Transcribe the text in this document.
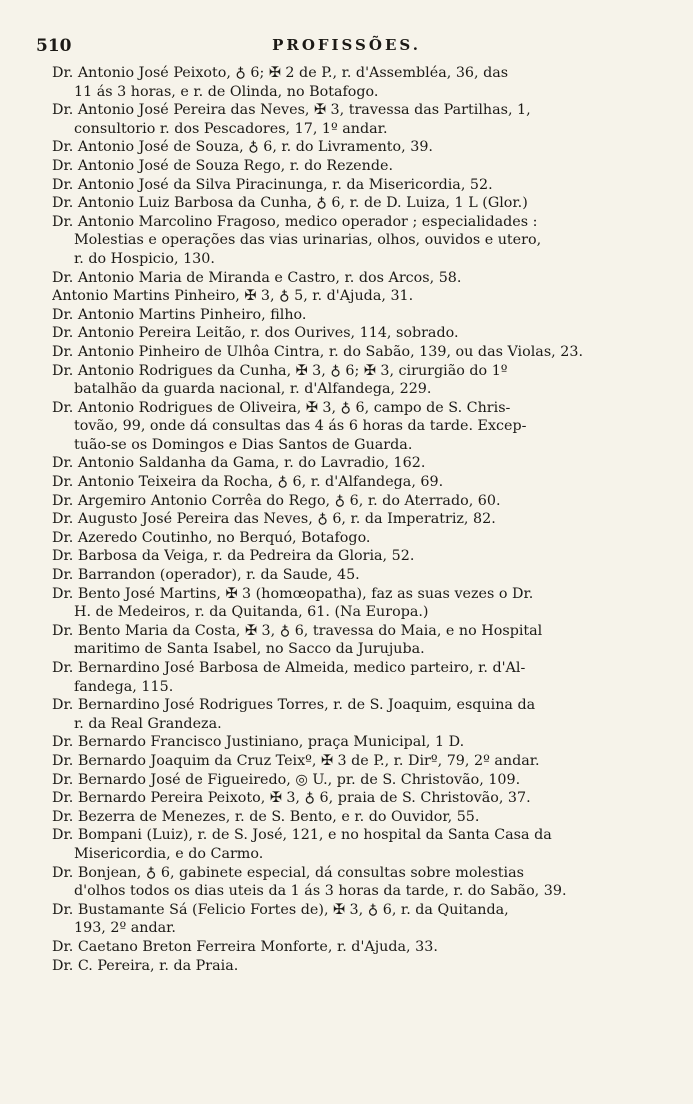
510	PROFISSÕES.
Dr. Antonio José Peixoto, ♁ 6; ✠ 2 de P., r. d'Assembléa, 36, das
11 ás 3 horas, e r. de Olinda, no Botafogo.
Dr. Antonio José Pereira das Neves, ✠ 3, travessa das Partilhas, 1,
consultorio r. dos Pescadores, 17, 1º andar.
Dr. Antonio José de Souza, ♁ 6, r. do Livramento, 39.
Dr. Antonio José de Souza Rego, r. do Rezende.
Dr. Antonio José da Silva Piracinunga, r. da Misericordia, 52.
Dr. Antonio Luiz Barbosa da Cunha, ♁ 6, r. de D. Luiza, 1 L (Glor.)
Dr. Antonio Marcolino Fragoso, medico operador ; especialidades :
Molestias e operações das vias urinarias, olhos, ouvidos e utero,
r. do Hospicio, 130.
Dr. Antonio Maria de Miranda e Castro, r. dos Arcos, 58.
Antonio Martins Pinheiro, ✠ 3, ♁ 5, r. d'Ajuda, 31.
Dr. Antonio Martins Pinheiro, filho.
Dr. Antonio Pereira Leitão, r. dos Ourives, 114, sobrado.
Dr. Antonio Pinheiro de Ulhôa Cintra, r. do Sabão, 139, ou das Violas, 23.
Dr. Antonio Rodrigues da Cunha, ✠ 3, ♁ 6; ✠ 3, cirurgião do 1º
batalhão da guarda nacional, r. d'Alfandega, 229.
Dr. Antonio Rodrigues de Oliveira, ✠ 3, ♁ 6, campo de S. Chris-
tovão, 99, onde dá consultas das 4 ás 6 horas da tarde. Excep-
tuão-se os Domingos e Dias Santos de Guarda.
Dr. Antonio Saldanha da Gama, r. do Lavradio, 162.
Dr. Antonio Teixeira da Rocha, ♁ 6, r. d'Alfandega, 69.
Dr. Argemiro Antonio Corrêa do Rego, ♁ 6, r. do Aterrado, 60.
Dr. Augusto José Pereira das Neves, ♁ 6, r. da Imperatriz, 82.
Dr. Azeredo Coutinho, no Berquó, Botafogo.
Dr. Barbosa da Veiga, r. da Pedreira da Gloria, 52.
Dr. Barrandon (operador), r. da Saude, 45.
Dr. Bento José Martins, ✠ 3 (homœopatha), faz as suas vezes o Dr.
H. de Medeiros, r. da Quitanda, 61. (Na Europa.)
Dr. Bento Maria da Costa, ✠ 3, ♁ 6, travessa do Maia, e no Hospital
maritimo de Santa Isabel, no Sacco da Jurujuba.
Dr. Bernardino José Barbosa de Almeida, medico parteiro, r. d'Al-
fandega, 115.
Dr. Bernardino José Rodrigues Torres, r. de S. Joaquim, esquina da
r. da Real Grandeza.
Dr. Bernardo Francisco Justiniano, praça Municipal, 1 D.
Dr. Bernardo Joaquim da Cruz Teixº, ✠ 3 de P., r. Dirº, 79, 2º andar.
Dr. Bernardo José de Figueiredo, ◎ U., pr. de S. Christovão, 109.
Dr. Bernardo Pereira Peixoto, ✠ 3, ♁ 6, praia de S. Christovão, 37.
Dr. Bezerra de Menezes, r. de S. Bento, e r. do Ouvidor, 55.
Dr. Bompani (Luiz), r. de S. José, 121, e no hospital da Santa Casa da
Misericordia, e do Carmo.
Dr. Bonjean, ♁ 6, gabinete especial, dá consultas sobre molestias
d'olhos todos os dias uteis da 1 ás 3 horas da tarde, r. do Sabão, 39.
Dr. Bustamante Sá (Felicio Fortes de), ✠ 3, ♁ 6, r. da Quitanda,
193, 2º andar.
Dr. Caetano Breton Ferreira Monforte, r. d'Ajuda, 33.
Dr. C. Pereira, r. da Praia.
